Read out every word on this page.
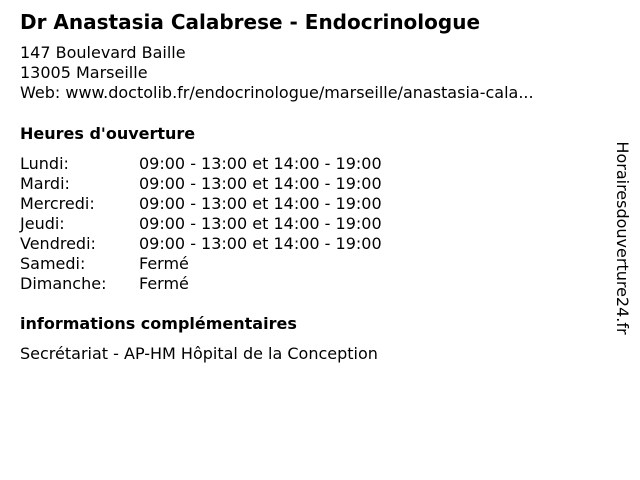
Dr Anastasia Calabrese - Endocrinologue
147 Boulevard Baille
13005 Marseille
Web: www.doctolib.fr/endocrinologue/marseille/anastasia-cala...
Heures d'ouverture
Lundi:	09:00 - 13:00 et 14:00 - 19:00
Mardi:	09:00 - 13:00 et 14:00 - 19:00
Mercredi:	09:00 - 13:00 et 14:00 - 19:00
Jeudi:	09:00 - 13:00 et 14:00 - 19:00
Vendredi:	09:00 - 13:00 et 14:00 - 19:00
Samedi:	Fermé
Dimanche: Fermé
informations complémentaires
Secrétariat - AP-HM Hôpital de la Conception
Horairesdouverture24.fr
